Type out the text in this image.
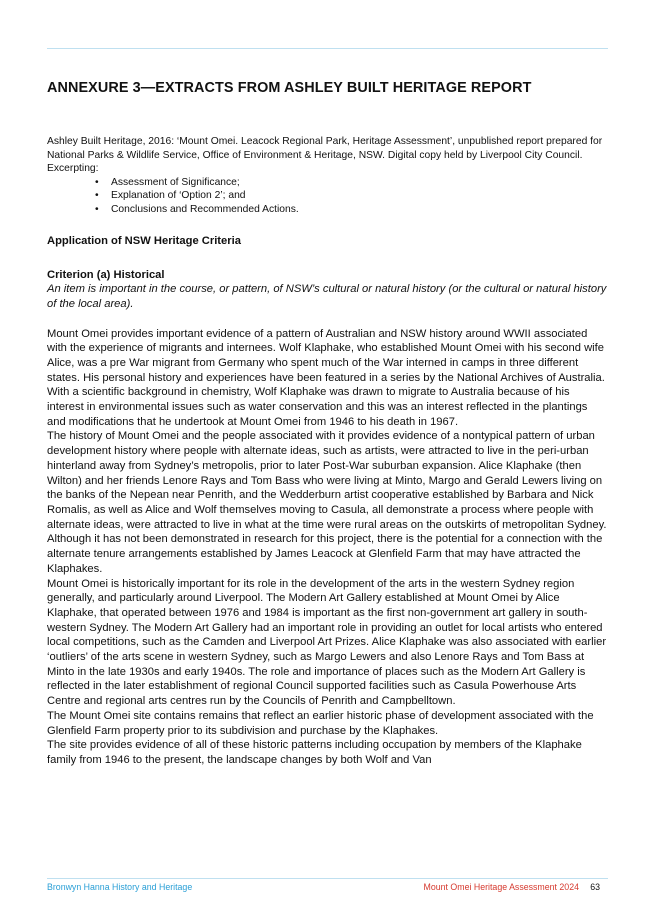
ANNEXURE 3—EXTRACTS FROM ASHLEY BUILT HERITAGE REPORT
Ashley Built Heritage, 2016: ‘Mount Omei. Leacock Regional Park, Heritage Assessment’, unpublished report prepared for National Parks & Wildlife Service, Office of Environment & Heritage, NSW. Digital copy held by Liverpool City Council. Excerpting:
• Assessment of Significance;
• Explanation of ‘Option 2’; and
• Conclusions and Recommended Actions.
Application of NSW Heritage Criteria
Criterion (a) Historical
An item is important in the course, or pattern, of NSW’s cultural or natural history (or the cultural or natural history of the local area).

Mount Omei provides important evidence of a pattern of Australian and NSW history around WWII associated with the experience of migrants and internees. Wolf Klaphake, who established Mount Omei with his second wife Alice, was a pre War migrant from Germany who spent much of the War interned in camps in three different states. His personal history and experiences have been featured in a series by the National Archives of Australia. With a scientific background in chemistry, Wolf Klaphake was drawn to migrate to Australia because of his interest in environmental issues such as water conservation and this was an interest reflected in the plantings and modifications that he undertook at Mount Omei from 1946 to his death in 1967.

The history of Mount Omei and the people associated with it provides evidence of a nontypical pattern of urban development history where people with alternate ideas, such as artists, were attracted to live in the peri-urban hinterland away from Sydney’s metropolis, prior to later Post-War suburban expansion. Alice Klaphake (then Wilton) and her friends Lenore Rays and Tom Bass who were living at Minto, Margo and Gerald Lewers living on the banks of the Nepean near Penrith, and the Wedderburn artist cooperative established by Barbara and Nick Romalis, as well as Alice and Wolf themselves moving to Casula, all demonstrate a process where people with alternate ideas, were attracted to live in what at the time were rural areas on the outskirts of metropolitan Sydney. Although it has not been demonstrated in research for this project, there is the potential for a connection with the alternate tenure arrangements established by James Leacock at Glenfield Farm that may have attracted the Klaphakes.

Mount Omei is historically important for its role in the development of the arts in the western Sydney region generally, and particularly around Liverpool. The Modern Art Gallery established at Mount Omei by Alice Klaphake, that operated between 1976 and 1984 is important as the first non-government art gallery in south-western Sydney. The Modern Art Gallery had an important role in providing an outlet for local artists who entered local competitions, such as the Camden and Liverpool Art Prizes. Alice Klaphake was also associated with earlier ‘outliers’ of the arts scene in western Sydney, such as Margo Lewers and also Lenore Rays and Tom Bass at Minto in the late 1930s and early 1940s. The role and importance of places such as the Modern Art Gallery is reflected in the later establishment of regional Council supported facilities such as Casula Powerhouse Arts Centre and regional arts centres run by the Councils of Penrith and Campbelltown.

The Mount Omei site contains remains that reflect an earlier historic phase of development associated with the Glenfield Farm property prior to its subdivision and purchase by the Klaphakes.

The site provides evidence of all of these historic patterns including occupation by members of the Klaphake family from 1946 to the present, the landscape changes by both Wolf and Van

Bronwyn Hanna History and Heritage	Mount Omei Heritage Assessment 2024 63
